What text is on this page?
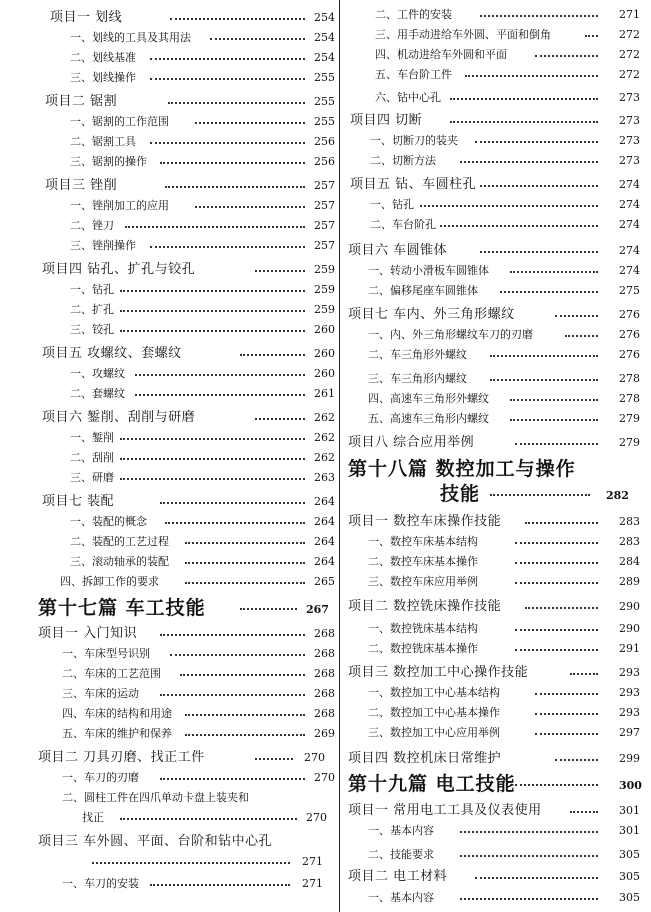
项目一 划线	254
一、划线的工具及其用法	254
二、划线基准	254
三、划线操作	255
项目二 锯割	255
一、锯割的工作范围	255
二、锯割工具	256
三、锯割的操作	256
项目三 锉削	257
一、锉削加工的应用	257
二、锉刀	257
三、锉削操作	257
项目四 钻孔、扩孔与铰孔	259
一、钻孔	259
二、扩孔	259
三、铰孔	260
项目五 攻螺纹、套螺纹	260
一、攻螺纹	260
二、套螺纹	261
项目六 錾削、刮削与研磨	262
一、錾削	262
二、刮削	262
三、研磨	263
项目七 装配	264
一、装配的概念	264
二、装配的工艺过程	264
三、滚动轴承的装配	264
四、拆卸工作的要求	265
第十七篇 车工技能	267
项目一 入门知识	268
一、车床型号识别	268
二、车床的工艺范围	268
三、车床的运动	268
四、车床的结构和用途	268
五、车床的维护和保养	269
项目二 刀具刃磨、找正工件	270
一、车刀的刃磨	270
二、圆柱工件在四爪单动卡盘上装夹和
找正	270
项目三 车外圆、平面、台阶和钻中心孔
271
一、车刀的安装	271
二、工件的安装	271
三、用手动进给车外圆、平面和倒角	272
四、机动进给车外圆和平面	272
五、车台阶工件	272
六、钻中心孔	273
项目四 切断	273
一、切断刀的装夹	273
二、切断方法	273
项目五 钻、车圆柱孔	274
一、钻孔	274
二、车台阶孔	274
项目六 车圆锥体	274
一、转动小滑板车圆锥体	274
二、偏移尾座车圆锥体	275
项目七 车内、外三角形螺纹	276
一、内、外三角形螺纹车刀的刃磨	276
二、车三角形外螺纹	276
三、车三角形内螺纹	278
四、高速车三角形外螺纹	278
五、高速车三角形内螺纹	279
项目八 综合应用举例	279
第十八篇 数控加工与操作
技能	282
项目一 数控车床操作技能	283
一、数控车床基本结构	283
二、数控车床基本操作	284
三、数控车床应用举例	289
项目二 数控铣床操作技能	290
一、数控铣床基本结构	290
二、数控铣床基本操作	291
项目三 数控加工中心操作技能	293
一、数控加工中心基本结构	293
二、数控加工中心基本操作	293
三、数控加工中心应用举例	297
项目四 数控机床日常维护	299
第十九篇 电工技能	300
项目一 常用电工工具及仪表使用	301
一、基本内容	301
二、技能要求	305
项目二 电工材料	305
一、基本内容	305
